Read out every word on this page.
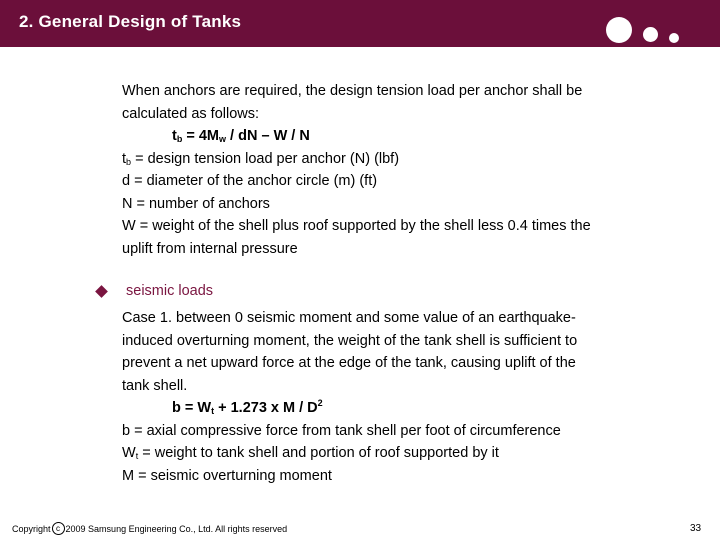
2. General Design of Tanks
When anchors are required, the design tension load per anchor shall be
calculated as follows:
$t_b = 4M_w$ / dN – W / N
$t_b$ = design tension load per anchor (N) (lbf)
d = diameter of the anchor circle (m) (ft)
N = number of anchors
W = weight of the shell plus roof supported by the shell less 0.4 times the
uplift from internal pressure
seismic loads
Case 1. between 0 seismic moment and some value of an earthquake-
induced overturning moment, the weight of the tank shell is sufficient to
prevent a net upward force at the edge of the tank, causing uplift of the
tank shell.
$b = W_t + 1.273$ x M / $D^2$
b = axial compressive force from tank shell per foot of circumference
$W_t$ = weight to tank shell and portion of roof supported by it
M = seismic overturning moment
Copyright c 2009 Samsung Engineering Co., Ltd. All rights reserved	33
